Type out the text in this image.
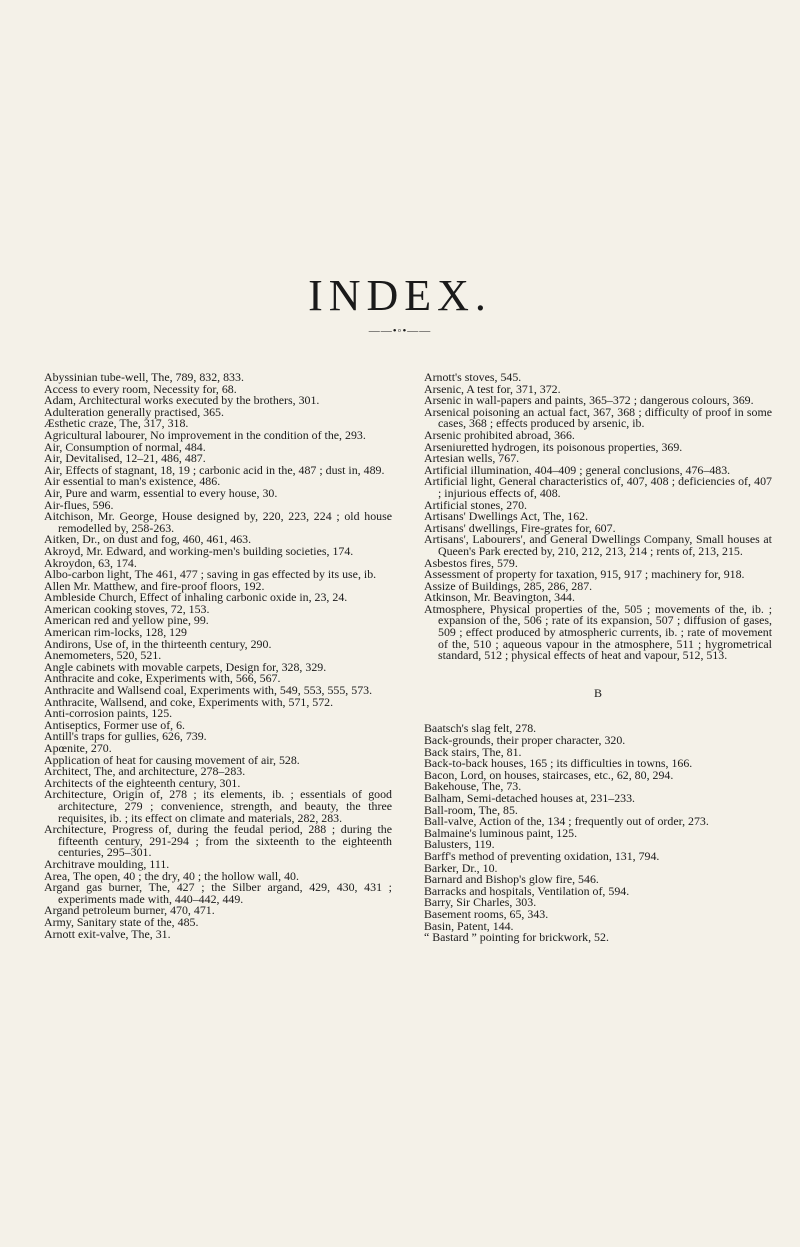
INDEX.
——•◦•——

Abyssinian tube-well, The, 789, 832, 833.

Access to every room, Necessity for, 68.

Adam, Architectural works executed by the brothers, 301.

Adulteration generally practised, 365.

Æsthetic craze, The, 317, 318.

Agricultural labourer, No improvement in the condition of the, 293.

Air, Consumption of normal, 484.

Air, Devitalised, 12–21, 486, 487.

Air, Effects of stagnant, 18, 19 ; carbonic acid in the, 487 ; dust in, 489.

Air essential to man's existence, 486.

Air, Pure and warm, essential to every house, 30.

Air-flues, 596.

Aitchison, Mr. George, House designed by, 220, 223, 224 ; old house remodelled by, 258-263.

Aitken, Dr., on dust and fog, 460, 461, 463.

Akroyd, Mr. Edward, and working-men's building societies, 174.

Akroydon, 63, 174.

Albo-carbon light, The 461, 477 ; saving in gas effected by its use, ib.

Allen Mr. Matthew, and fire-proof floors, 192.

Ambleside Church, Effect of inhaling carbonic oxide in, 23, 24.

American cooking stoves, 72, 153.

American red and yellow pine, 99.

American rim-locks, 128, 129

Andirons, Use of, in the thirteenth century, 290.

Anemometers, 520, 521.

Angle cabinets with movable carpets, Design for, 328, 329.

Anthracite and coke, Experiments with, 566, 567.

Anthracite and Wallsend coal, Experiments with, 549, 553, 555, 573.

Anthracite, Wallsend, and coke, Experiments with, 571, 572.

Anti-corrosion paints, 125.

Antiseptics, Former use of, 6.

Antill's traps for gullies, 626, 739.

Apœnite, 270.

Application of heat for causing movement of air, 528.

Architect, The, and architecture, 278–283.

Architects of the eighteenth century, 301.

Architecture, Origin of, 278 ; its elements, ib. ; essentials of good architecture, 279 ; convenience, strength, and beauty, the three requisites, ib. ; its effect on climate and materials, 282, 283.

Architecture, Progress of, during the feudal period, 288 ; during the fifteenth century, 291-294 ; from the sixteenth to the eighteenth centuries, 295–301.

Architrave moulding, 111.

Area, The open, 40 ; the dry, 40 ; the hollow wall, 40.

Argand gas burner, The, 427 ; the Silber argand, 429, 430, 431 ; experiments made with, 440–442, 449.

Argand petroleum burner, 470, 471.

Army, Sanitary state of the, 485.

Arnott exit-valve, The, 31.

Arnott's stoves, 545.

Arsenic, A test for, 371, 372.

Arsenic in wall-papers and paints, 365–372 ; dangerous colours, 369.

Arsenical poisoning an actual fact, 367, 368 ; difficulty of proof in some cases, 368 ; effects produced by arsenic, ib.

Arsenic prohibited abroad, 366.

Arseniuretted hydrogen, its poisonous properties, 369.

Artesian wells, 767.

Artificial illumination, 404–409 ; general conclusions, 476–483.

Artificial light, General characteristics of, 407, 408 ; deficiencies of, 407 ; injurious effects of, 408.

Artificial stones, 270.

Artisans' Dwellings Act, The, 162.

Artisans' dwellings, Fire-grates for, 607.

Artisans', Labourers', and General Dwellings Company, Small houses at Queen's Park erected by, 210, 212, 213, 214 ; rents of, 213, 215.

Asbestos fires, 579.

Assessment of property for taxation, 915, 917 ; machinery for, 918.

Assize of Buildings, 285, 286, 287.

Atkinson, Mr. Beavington, 344.

Atmosphere, Physical properties of the, 505 ; movements of the, ib. ; expansion of the, 506 ; rate of its expansion, 507 ; diffusion of gases, 509 ; effect produced by atmospheric currents, ib. ; rate of movement of the, 510 ; aqueous vapour in the atmosphere, 511 ; hygrometrical standard, 512 ; physical effects of heat and vapour, 512, 513.

B

Baatsch's slag felt, 278.

Back-grounds, their proper character, 320.

Back stairs, The, 81.

Back-to-back houses, 165 ; its difficulties in towns, 166.

Bacon, Lord, on houses, staircases, etc., 62, 80, 294.

Bakehouse, The, 73.

Balham, Semi-detached houses at, 231–233.

Ball-room, The, 85.

Ball-valve, Action of the, 134 ; frequently out of order, 273.

Balmaine's luminous paint, 125.

Balusters, 119.

Barff's method of preventing oxidation, 131, 794.

Barker, Dr., 10.

Barnard and Bishop's glow fire, 546.

Barracks and hospitals, Ventilation of, 594.

Barry, Sir Charles, 303.

Basement rooms, 65, 343.

Basin, Patent, 144.

“ Bastard ” pointing for brickwork, 52.
